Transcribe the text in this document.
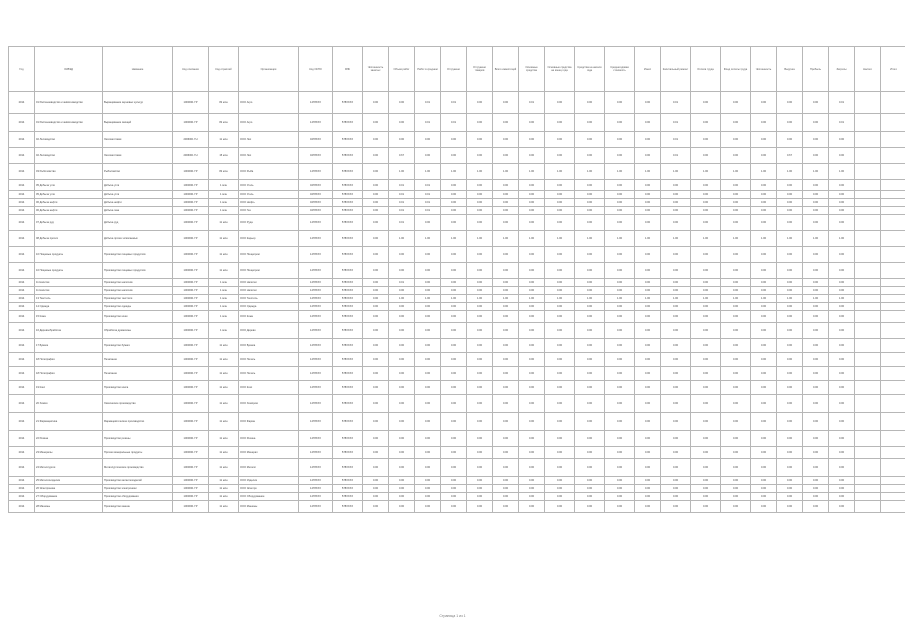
Год	ОКВЭД	Название	Код описания	Код отраслей	Организации	Код ОКПО	ФЛК	Численность занятых	Объем работ	Работ в среднем	Отгружено	Отгружено товаров	Всего инвестиций	Основные средства	Основные средства на конец года	Средства на начало года	Среднегодовая стоимость	Износ	Капитальный ремонт	Оплата труда	Фонд оплаты труда	Численность	Выручка	Прибыль	Затраты	Налоги	Итого
2014	01 Растениеводство и животноводство	Выращивание зерновых культур	1000001 ГР	82 млн	ООО Агро	1478XXX	578XXXX	0.00	0.00	0.01	0.01	0.00	0.00	0.01	0.00	0.00	0.00	0.00	0.01	0.00	0.00	0.00	0.00	0.00	0.01		
2014	01 Растениеводство и животноводство	Выращивание овощей	1000001 ГР	82 млн	ООО Агро	1478XXX	578XXXX	0.00	0.00	0.01	0.01	0.00	0.00	0.00	0.00	0.00	0.00	0.00	0.01	0.00	0.00	0.00	0.00	0.00	0.01		
2014	02 Лесоводство	Лесозаготовки	2006001 ГН	11 млн	ООО Лес	0478XXX	578XXXX	0.00	0.00	0.00	0.00	0.00	0.00	0.00	0.00	0.00	0.00	0.00	0.01	0.00	0.00	0.00	0.00	0.00	0.00		
2014	02 Лесоводство	Лесозаготовки	2006001 ГН	15 млн	ООО Лес	0478XXX	578XXXX	0.00	0.67	0.00	0.00	0.00	0.00	0.00	0.00	0.00	0.00	0.00	0.01	0.00	0.00	0.00	0.67	0.00	0.00		
2014	03 Рыболовство	Рыболовство	1000001 ГР	82 млн	ООО Рыба	1478XXX	578XXXX	0.00	1.00	1.00	1.00	1.00	1.00	1.00	1.00	1.00	1.00	1.00	1.00	1.00	1.00	1.00	1.00	1.00	1.00		
2014	05 Добыча угля	Добыча угля	1000001 ГР	1 млн	ООО Уголь	0478XXX	578XXXX	0.00	0.01	0.01	0.00	0.00	0.00	0.00	0.00	0.00	0.00	0.00	0.00	0.00	0.00	0.00	0.00	0.00	0.00		
2014	05 Добыча угля	Добыча угля	1000001 ГР	1 млн	ООО Уголь	0478XXX	578XXXX	0.00	0.01	0.01	0.00	0.00	0.00	0.00	0.00	0.00	0.00	0.00	0.00	0.00	0.00	0.00	0.00	0.00	0.00		
2014	06 Добыча нефти	Добыча нефти	1000001 ГР	1 млн	ООО Нефть	0478XXX	578XXXX	0.00	0.01	0.01	0.00	0.00	0.00	0.00	0.00	0.00	0.00	0.00	0.00	0.00	0.00	0.00	0.00	0.00	0.00		
2014	06 Добыча нефти	Добыча газа	1000001 ГР	1 млн	ООО Газ	0478XXX	578XXXX	0.00	0.01	0.01	0.00	0.00	0.00	0.00	0.00	0.00	0.00	0.00	0.00	0.00	0.00	0.00	0.00	0.00	0.00		
2014	07 Добыча руд	Добыча руд	1000001 ГР	11 млн	ООО Руда	1478XXX	578XXXX	0.00	0.01	0.00	0.00	0.00	0.00	0.00	0.00	0.00	0.00	0.00	0.00	0.00	0.00	0.00	0.00	0.00	0.00		
2014	08 Добыча прочих	Добыча прочих ископаемых	1000001 ГР	11 млн	ООО Карьер	1478XXX	578XXXX	0.00	1.00	1.00	1.00	1.00	1.00	1.00	1.00	1.00	1.00	1.00	1.00	1.00	1.00	1.00	1.00	1.00	1.00		
2014	10 Пищевые продукты	Производство пищевых продуктов	1000001 ГР	11 млн	ООО Пищепром	1478XXX	578XXXX	0.00	0.00	0.00	0.00	0.00	0.00	0.00	0.00	0.00	0.00	0.00	0.00	0.00	0.00	0.00	0.00	0.00	0.00		
2014	10 Пищевые продукты	Производство пищевых продуктов	1000001 ГР	11 млн	ООО Пищепром	1478XXX	578XXXX	0.00	0.00	0.00	0.00	0.00	0.00	0.00	0.00	0.00	0.00	0.00	0.00	0.00	0.00	0.00	0.00	0.00	0.00		
2014	11 Напитки	Производство напитков	1000001 ГР	1 млн	ООО Напитки	1478XXX	578XXXX	0.00	0.01	0.00	0.00	0.00	0.00	0.00	0.00	0.00	0.00	0.00	0.00	0.00	0.00	0.00	0.00	0.00	0.00		
2014	11 Напитки	Производство напитков	1000001 ГР	1 млн	ООО Напитки	1478XXX	578XXXX	0.00	0.00	0.00	0.00	0.00	0.00	0.00	0.00	0.00	0.00	0.00	0.00	0.00	0.00	0.00	0.00	0.00	0.00		
2014	13 Текстиль	Производство текстиля	1000001 ГР	1 млн	ООО Текстиль	1478XXX	578XXXX	0.00	1.00	1.00	1.00	1.00	1.00	1.00	1.00	1.00	1.00	1.00	1.00	1.00	1.00	1.00	1.00	1.00	1.00		
2014	14 Одежда	Производство одежды	1000001 ГР	1 млн	ООО Одежда	1478XXX	578XXXX	0.00	0.00	0.00	0.00	0.00	0.00	0.00	0.00	0.00	0.00	0.00	0.00	0.00	0.00	0.00	0.00	0.00	0.00		
2014	15 Кожа	Производство кожи	1000001 ГР	1 млн	ООО Кожа	1478XXX	578XXXX	0.00	0.00	0.00	0.00	0.00	0.00	0.00	0.00	0.00	0.00	0.00	0.00	0.00	0.00	0.00	0.00	0.00	0.00		
2014	16 Деревообработка	Обработка древесины	1000001 ГР	1 млн	ООО Дерево	1478XXX	578XXXX	0.00	0.00	0.00	0.00	0.00	0.00	0.00	0.00	0.00	0.00	0.00	0.00	0.00	0.00	0.00	0.00	0.00	0.00		
2014	17 Бумага	Производство бумаги	1000001 ГР	11 млн	ООО Бумага	1478XXX	578XXXX	0.00	0.00	0.00	0.00	0.00	0.00	0.00	0.00	0.00	0.00	0.00	0.00	0.00	0.00	0.00	0.00	0.00	0.00		
2014	18 Полиграфия	Печатание	1000001 ГР	11 млн	ООО Печать	1478XXX	578XXXX	0.00	0.00	0.00	0.00	0.00	0.00	0.00	0.00	0.00	0.00	0.00	0.00	0.00	0.00	0.00	0.00	0.00	0.00		
2014	18 Полиграфия	Печатание	1000001 ГР	11 млн	ООО Печать	1478XXX	578XXXX	0.00	0.00	0.00	0.00	0.00	0.00	0.00	0.00	0.00	0.00	0.00	0.00	0.00	0.00	0.00	0.00	0.00	0.00		
2014	19 Кокс	Производство кокса	1000001 ГР	11 млн	ООО Кокс	1478XXX	578XXXX	0.00	0.00	0.00	0.00	0.00	0.00	0.00	0.00	0.00	0.00	0.00	0.00	0.00	0.00	0.00	0.00	0.00	0.00		
2014	20 Химия	Химическое производство	1000001 ГР	11 млн	ООО Химпром	1478XXX	578XXXX	0.00	0.00	0.00	0.00	0.00	0.00	0.00	0.00	0.00	0.00	0.00	0.00	0.00	0.00	0.00	0.00	0.00	0.00		
2014	21 Фармацевтика	Фармацевтическое производство	1000001 ГР	11 млн	ООО Фарма	1478XXX	578XXXX	0.00	0.00	0.00	0.00	0.00	0.00	0.00	0.00	0.00	0.00	0.00	0.00	0.00	0.00	0.00	0.00	0.00	0.00		
2014	22 Резина	Производство резины	1000001 ГР	11 млн	ООО Резина	1478XXX	578XXXX	0.00	0.00	0.00	0.00	0.00	0.00	0.00	0.00	0.00	0.00	0.00	0.00	0.00	0.00	0.00	0.00	0.00	0.00		
2014	23 Минералы	Прочие минеральные продукты	1000001 ГР	11 млн	ООО Минерал	1478XXX	578XXXX	0.00	0.00	0.00	0.00	0.00	0.00	0.00	0.00	0.00	0.00	0.00	0.00	0.00	0.00	0.00	0.00	0.00	0.00		
2014	24 Металлургия	Металлургическое производство	1000001 ГР	11 млн	ООО Металл	1478XXX	578XXXX	0.00	0.00	0.00	0.00	0.00	0.00	0.00	0.00	0.00	0.00	0.00	0.00	0.00	0.00	0.00	0.00	0.00	0.00		
2014	25 Металлоизделия	Производство металлоизделий	1000001 ГР	11 млн	ООО Изделия	1478XXX	578XXXX	0.00	0.00	0.00	0.00	0.00	0.00	0.00	0.00	0.00	0.00	0.00	0.00	0.00	0.00	0.00	0.00	0.00	0.00		
2014	26 Электроника	Производство электроники	1000001 ГР	11 млн	ООО Электро	1478XXX	578XXXX	0.00	0.00	0.00	0.00	0.00	0.00	0.00	0.00	0.00	0.00	0.00	0.00	0.00	0.00	0.00	0.00	0.00	0.00		
2014	27 Оборудование	Производство оборудования	1000001 ГР	11 млн	ООО Оборудование	1478XXX	578XXXX	0.00	0.00	0.00	0.00	0.00	0.00	0.00	0.00	0.00	0.00	0.00	0.00	0.00	0.00	0.00	0.00	0.00	0.00		
2014	28 Машины	Производство машин	1000001 ГР	11 млн	ООО Машины	1478XXX	578XXXX	0.00	0.00	0.00	0.00	0.00	0.00	0.00	0.00	0.00	0.00	0.00	0.00	0.00	0.00	0.00	0.00	0.00	0.00		
Страница 1 из 1
